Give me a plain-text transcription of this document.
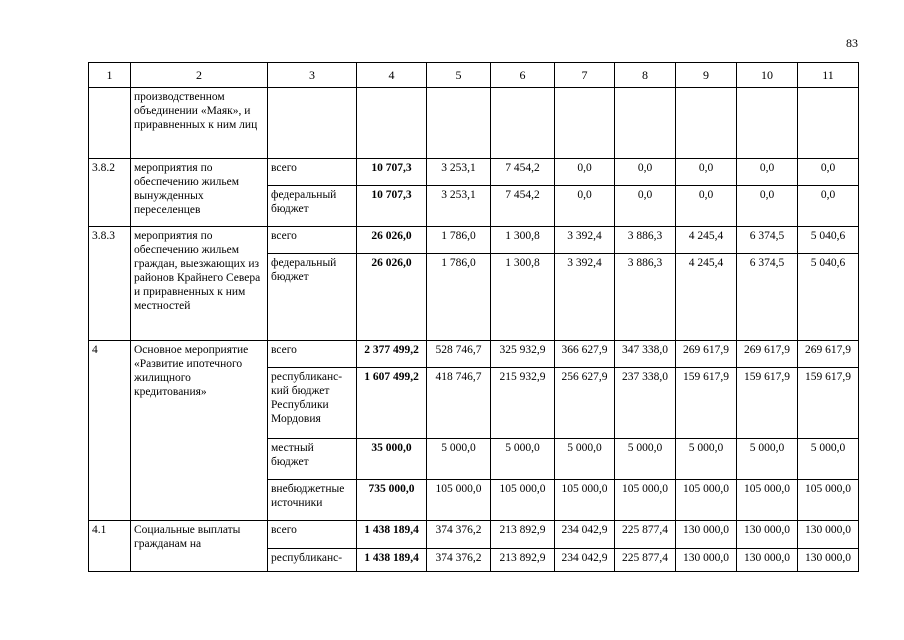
83
1	2	3	4	5	6	7	8	9	10	11
	производственном объединении «Маяк», и приравненных к ним лиц									
3.8.2	мероприятия по обеспечению жильем вынужденных переселенцев	всего	10 707,3	3 253,1	7 454,2	0,0	0,0	0,0	0,0	0,0
		федеральный бюджет	10 707,3	3 253,1	7 454,2	0,0	0,0	0,0	0,0	0,0
3.8.3	мероприятия по обеспечению жильем граждан, выезжающих из районов Крайнего Севера и приравненных к ним местностей	всего	26 026,0	1 786,0	1 300,8	3 392,4	3 886,3	4 245,4	6 374,5	5 040,6
		федеральный бюджет	26 026,0	1 786,0	1 300,8	3 392,4	3 886,3	4 245,4	6 374,5	5 040,6
4	Основное мероприятие «Развитие ипотечного жилищного кредитования»	всего	2 377 499,2	528 746,7	325 932,9	366 627,9	347 338,0	269 617,9	269 617,9	269 617,9
		республиканс-кий бюджет Республики Мордовия	1 607 499,2	418 746,7	215 932,9	256 627,9	237 338,0	159 617,9	159 617,9	159 617,9
		местный бюджет	35 000,0	5 000,0	5 000,0	5 000,0	5 000,0	5 000,0	5 000,0	5 000,0
		внебюджетные источники	735 000,0	105 000,0	105 000,0	105 000,0	105 000,0	105 000,0	105 000,0	105 000,0
4.1	Социальные выплаты гражданам на	всего	1 438 189,4	374 376,2	213 892,9	234 042,9	225 877,4	130 000,0	130 000,0	130 000,0
		республиканс-	1 438 189,4	374 376,2	213 892,9	234 042,9	225 877,4	130 000,0	130 000,0	130 000,0
